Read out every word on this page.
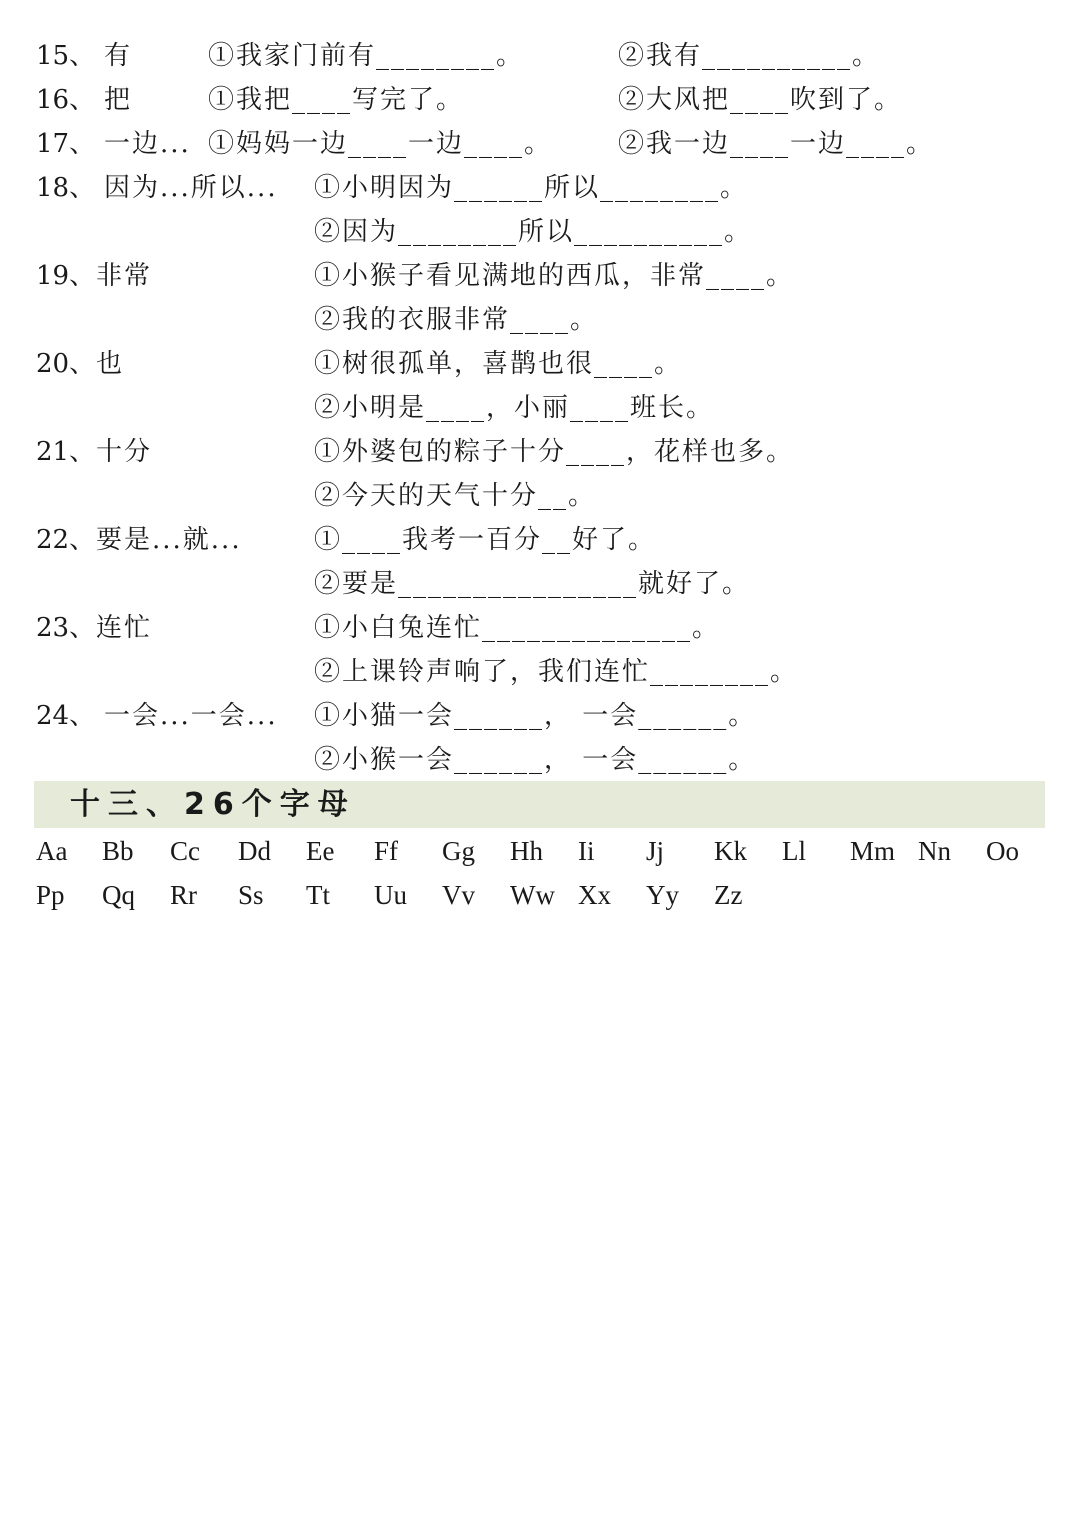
15、 有	①我家门前有________。	②我有__________。
16、 把	①我把____写完了。	②大风把____吹到了。
17、 一边... ①妈妈一边____一边____。	②我一边____一边____。
18、 因为...所以... ①小明因为______所以________。
②因为________所以__________。
19、 非常	①小猴子看见满地的西瓜，非常____。
②我的衣服非常____。
20、 也	①树很孤单，喜鹊也很____。
②小明是____，小丽____班长。
21、 十分	①外婆包的粽子十分____，花样也多。
②今天的天气十分__。
22、 要是...就...	①____我考一百分__好了。
②要是________________就好了。
23、 连忙	①小白兔连忙______________。
②上课铃声响了，我们连忙________。
24、 一会...一会... ①小猫一会______， 一会______。
②小猴一会______， 一会______。
十三、26个字母
Aa Bb Cc Dd Ee Ff Gg Hh Ii Jj Kk Ll Mm Nn Oo
Pp Qq Rr Ss Tt Uu Vv Ww Xx Yy Zz
